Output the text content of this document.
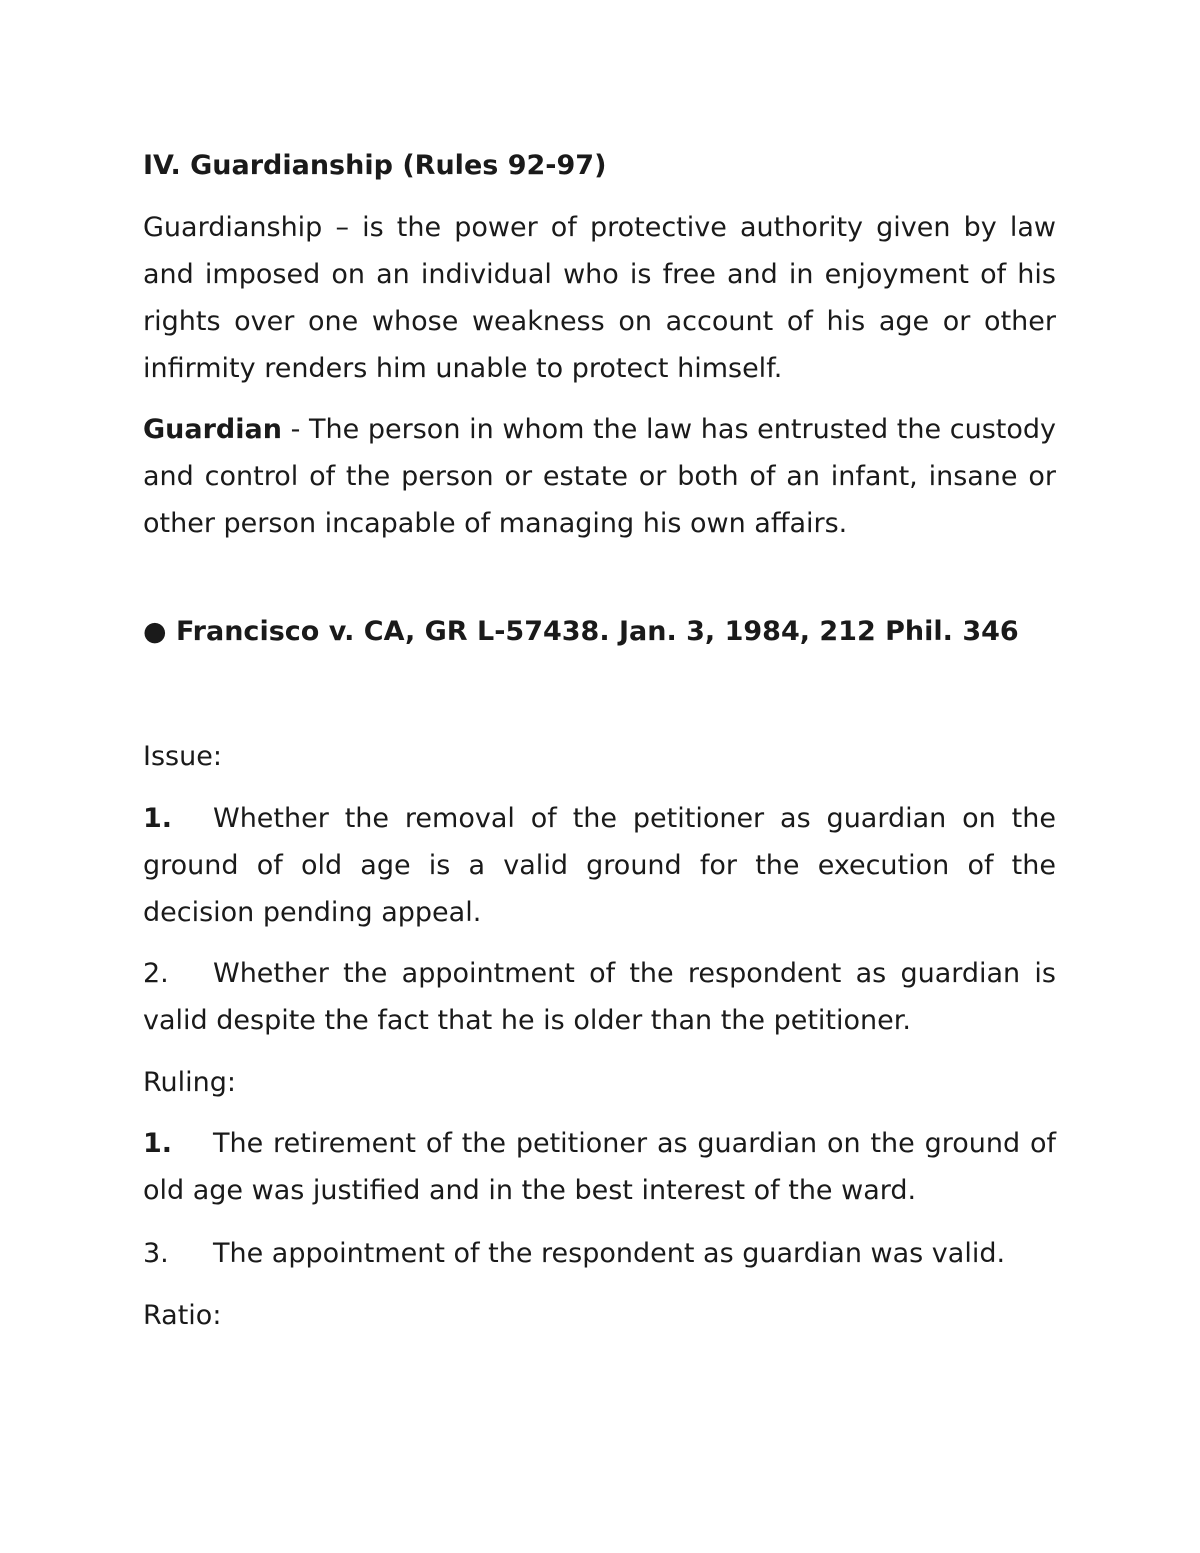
IV. Guardianship (Rules 92-97)

Guardianship – is the power of protective authority given by law and imposed on an individual who is free and in enjoyment of his rights over one whose weakness on account of his age or other infirmity renders him unable to protect himself.

Guardian - The person in whom the law has entrusted the custody and control of the person or estate or both of an infant, insane or other person incapable of managing his own affairs.

● Francisco v. CA, GR L-57438. Jan. 3, 1984, 212 Phil. 346

Issue:

1. Whether the removal of the petitioner as guardian on the ground of old age is a valid ground for the execution of the decision pending appeal.

2. Whether the appointment of the respondent as guardian is valid despite the fact that he is older than the petitioner.

Ruling:

1. The retirement of the petitioner as guardian on the ground of old age was justified and in the best interest of the ward.

3. The appointment of the respondent as guardian was valid.

Ratio:
